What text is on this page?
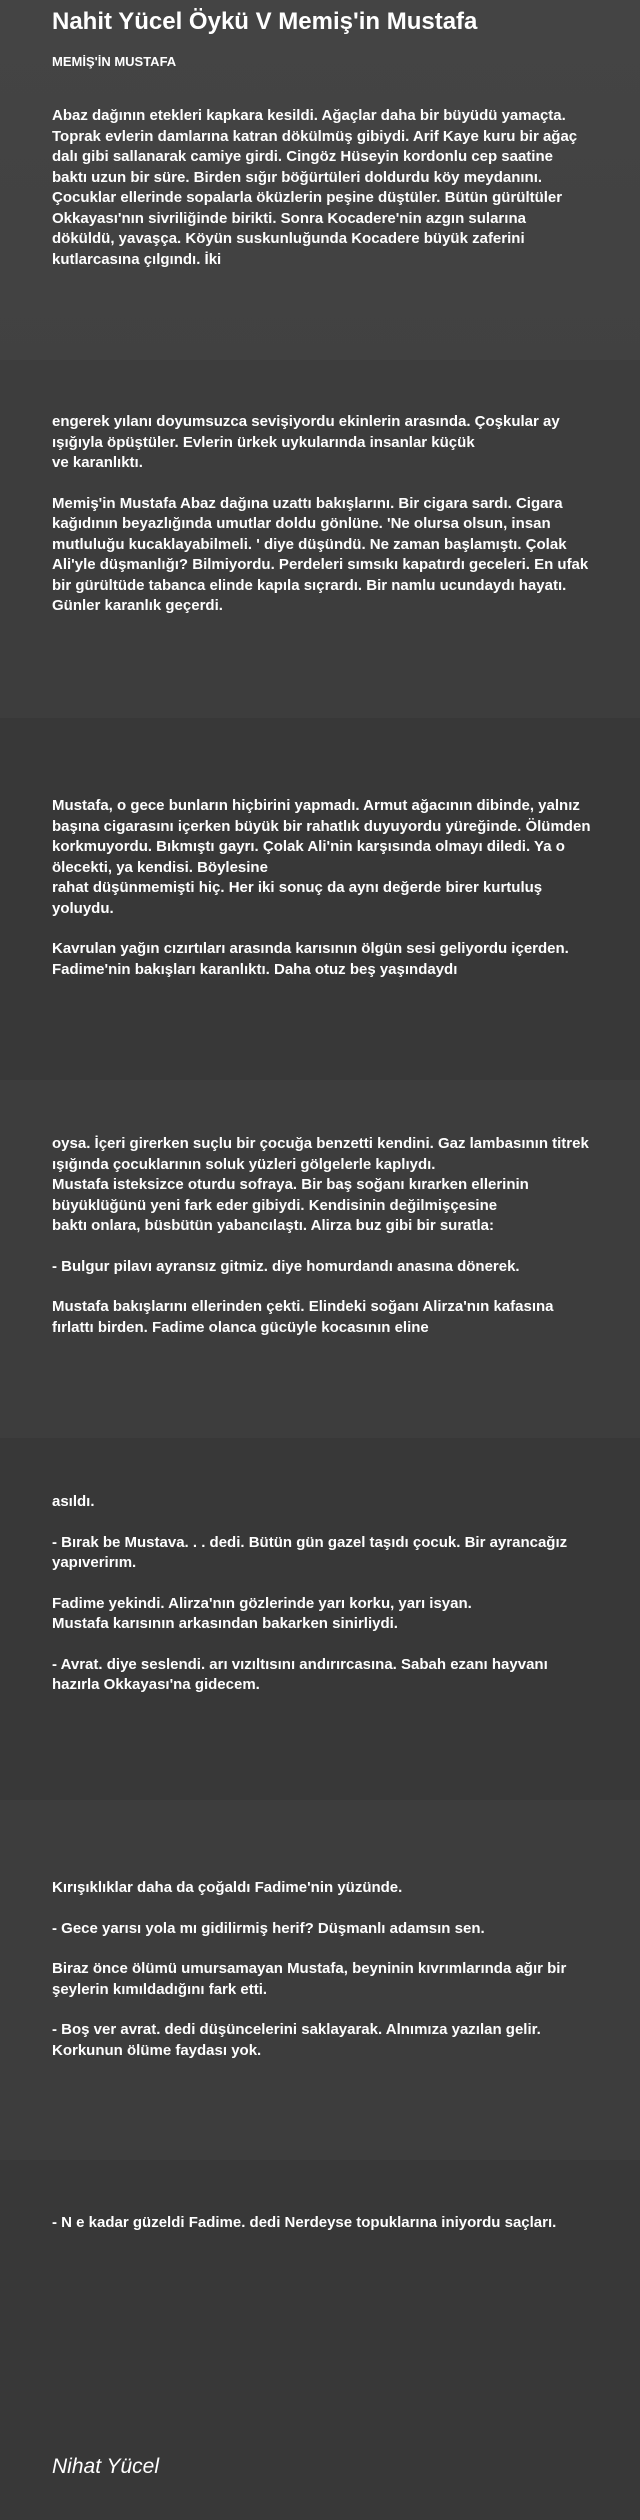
Nahit Yücel Öykü V Memiş'in Mustafa
MEMİŞ'İN MUSTAFA

Abaz dağının etekleri kapkara kesildi. Ağaçlar daha bir büyüdü yamaçta. Toprak evlerin damlarına katran dökülmüş gibiydi. Arif Kaye kuru bir ağaç dalı gibi sallanarak camiye girdi. Cingöz Hüseyin kordonlu cep saatine baktı uzun bir süre. Birden sığır böğürtüleri doldurdu köy meydanını. Çocuklar ellerinde sopalarla öküzlerin peşine düştüler. Bütün gürültüler Okkayası'nın sivriliğinde birikti. Sonra Kocadere'nin azgın sularına döküldü, yavaşça. Köyün suskunluğunda Kocadere büyük zaferini kutlarcasına çılgındı. İki

engerek yılanı doyumsuzca sevişiyordu ekinlerin arasında. Çoşkular ay ışığıyla öpüştüler. Evlerin ürkek uykularında insanlar küçük
ve karanlıktı.

Memiş'in Mustafa Abaz dağına uzattı bakışlarını. Bir cigara sardı. Cigara kağıdının beyazlığında umutlar doldu gönlüne. 'Ne olursa olsun, insan mutluluğu kucaklayabilmeli. ' diye düşündü. Ne zaman başlamıştı. Çolak Ali'yle düşmanlığı? Bilmiyordu. Perdeleri sımsıkı kapatırdı geceleri. En ufak bir gürültüde tabanca elinde kapıla sıçrardı. Bir namlu ucundaydı hayatı. Günler karanlık geçerdi.

Mustafa, o gece bunların hiçbirini yapmadı. Armut ağacının dibinde, yalnız başına cigarasını içerken büyük bir rahatlık duyuyordu yüreğinde. Ölümden korkmuyordu. Bıkmıştı gayrı. Çolak Ali'nin karşısında olmayı diledi. Ya o ölecekti, ya kendisi. Böylesine
rahat düşünmemişti hiç. Her iki sonuç da aynı değerde birer kurtuluş yoluydu.

Kavrulan yağın cızırtıları arasında karısının ölgün sesi geliyordu içerden. Fadime'nin bakışları karanlıktı. Daha otuz beş yaşındaydı

oysa. İçeri girerken suçlu bir çocuğa benzetti kendini. Gaz lambasının titrek ışığında çocuklarının soluk yüzleri gölgelerle kaplıydı.
Mustafa isteksizce oturdu sofraya. Bir baş soğanı kırarken ellerinin büyüklüğünü yeni fark eder gibiydi. Kendisinin değilmişçesine
baktı onlara, büsbütün yabancılaştı. Alirza buz gibi bir suratla:

- Bulgur pilavı ayransız gitmiz. diye homurdandı anasına dönerek.

Mustafa bakışlarını ellerinden çekti. Elindeki soğanı Alirza'nın kafasına fırlattı birden. Fadime olanca gücüyle kocasının eline

asıldı.

- Bırak be Mustava. . . dedi. Bütün gün gazel taşıdı çocuk. Bir ayrancağız yapıverirım.

Fadime yekindi. Alirza'nın gözlerinde yarı korku, yarı isyan.
Mustafa karısının arkasından bakarken sinirliydi.

- Avrat. diye seslendi. arı vızıltısını andırırcasına. Sabah ezanı hayvanı hazırla Okkayası'na gidecem.

Kırışıklıklar daha da çoğaldı Fadime'nin yüzünde.

- Gece yarısı yola mı gidilirmiş herif? Düşmanlı adamsın sen.

Biraz önce ölümü umursamayan Mustafa, beyninin kıvrımlarında ağır bir şeylerin kımıldadığını fark etti.

- Boş ver avrat. dedi düşüncelerini saklayarak. Alnımıza yazılan gelir. Korkunun ölüme faydası yok.

- N e kadar güzeldi Fadime. dedi Nerdeyse topuklarına iniyordu saçları.

Nihat Yücel
